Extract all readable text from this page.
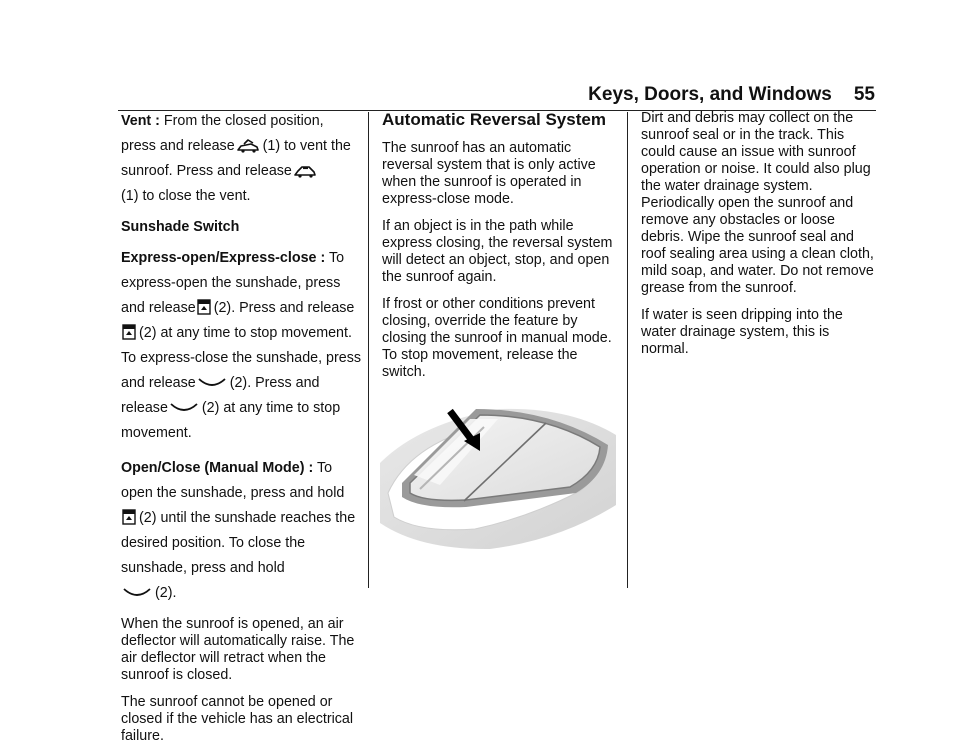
Keys, Doors, and Windows 55

Vent : From the closed position, press and release (1) to vent the sunroof. Press and release

(1) to close the vent.

Sunshade Switch

Express-open/Express-close : To express-open the sunshade, press and release (2). Press and release
(2) at any time to stop movement. To express-close the sunshade, press and release (2). Press and release (2) at any time to stop movement.

Open/Close (Manual Mode) : To open the sunshade, press and hold
(2) until the sunshade reaches the desired position. To close the sunshade, press and hold

(2).

When the sunroof is opened, an air deflector will automatically raise. The air deflector will retract when the sunroof is closed.

The sunroof cannot be opened or closed if the vehicle has an electrical failure.

Automatic Reversal System

The sunroof has an automatic reversal system that is only active when the sunroof is operated in express-close mode.

If an object is in the path while express closing, the reversal system will detect an object, stop, and open the sunroof again.

If frost or other conditions prevent closing, override the feature by closing the sunroof in manual mode. To stop movement, release the switch.

Dirt and debris may collect on the sunroof seal or in the track. This could cause an issue with sunroof operation or noise. It could also plug the water drainage system. Periodically open the sunroof and remove any obstacles or loose debris. Wipe the sunroof seal and roof sealing area using a clean cloth, mild soap, and water. Do not remove grease from the sunroof.

If water is seen dripping into the water drainage system, this is normal.
